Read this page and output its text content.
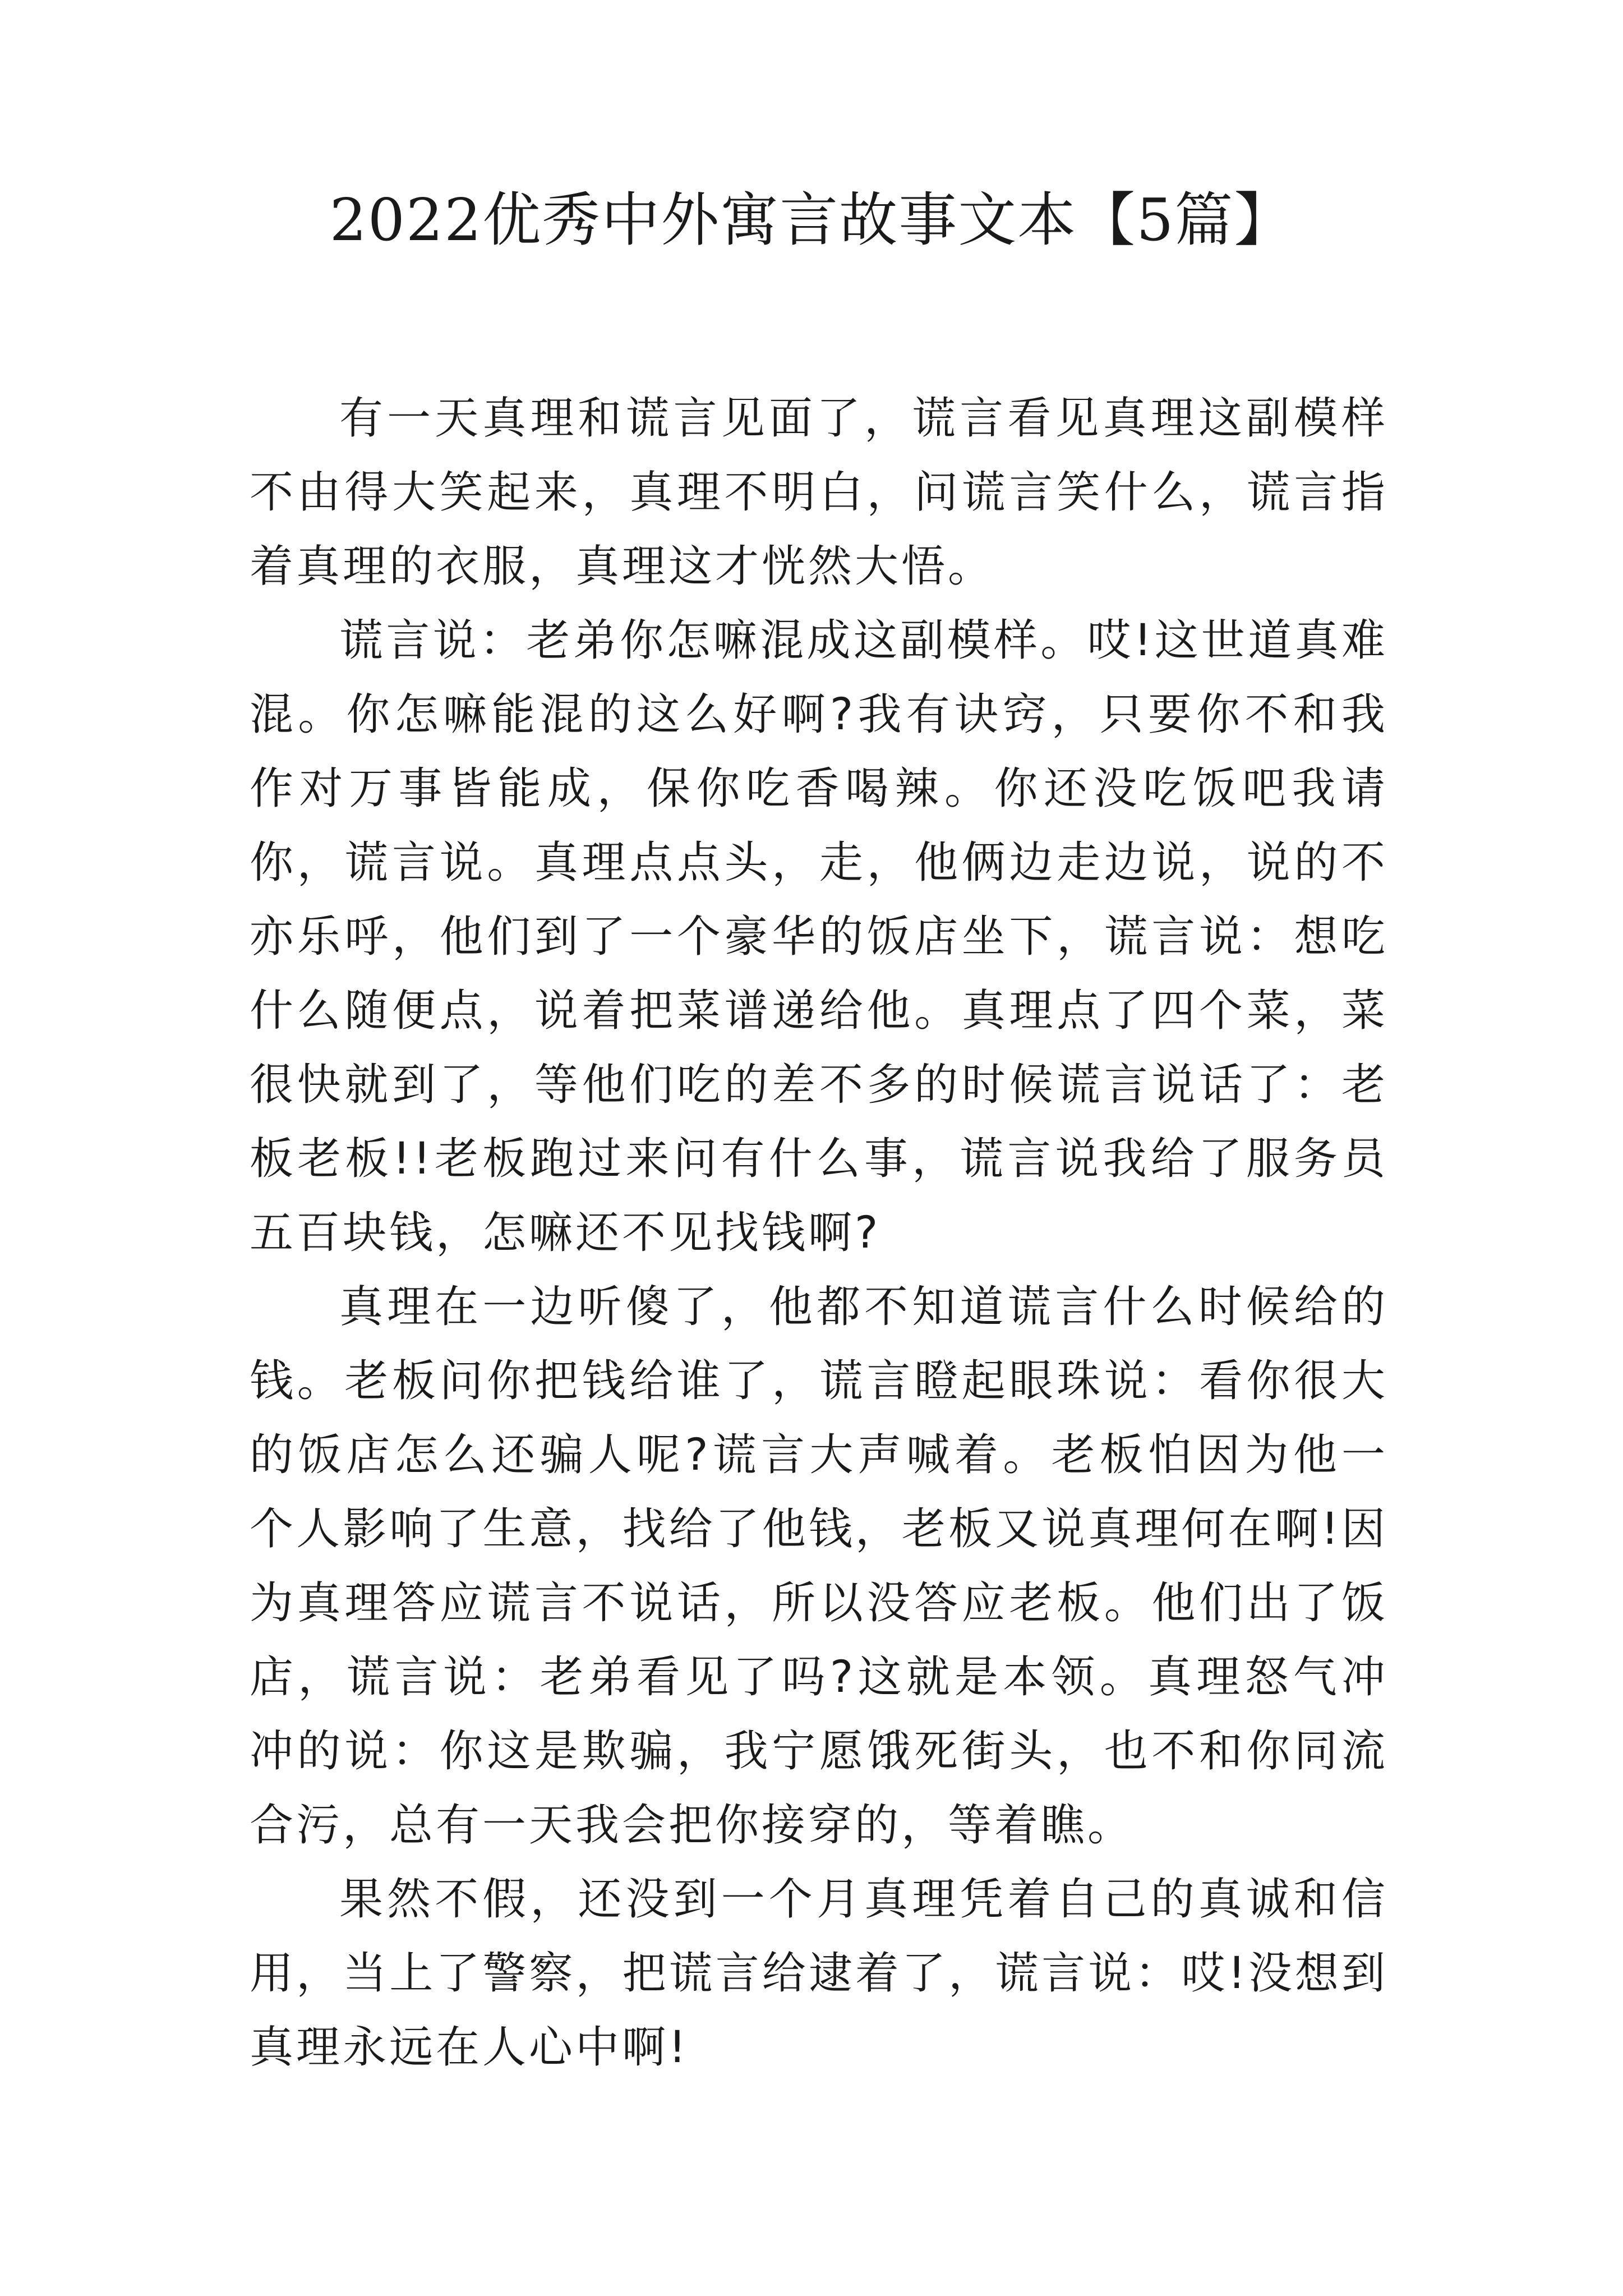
2022优秀中外寓言故事文本【5篇】

有一天真理和谎言见面了，谎言看见真理这副模样不由得大笑起来，真理不明白，问谎言笑什么，谎言指着真理的衣服，真理这才恍然大悟。

谎言说：老弟你怎嘛混成这副模样。哎!这世道真难混。你怎嘛能混的这么好啊?我有诀窍，只要你不和我作对万事皆能成，保你吃香喝辣。你还没吃饭吧我请你，谎言说。真理点点头，走，他俩边走边说，说的不亦乐呼，他们到了一个豪华的饭店坐下，谎言说：想吃什么随便点，说着把菜谱递给他。真理点了四个菜，菜很快就到了，等他们吃的差不多的时候谎言说话了：老板老板!!老板跑过来问有什么事，谎言说我给了服务员五百块钱，怎嘛还不见找钱啊?

真理在一边听傻了，他都不知道谎言什么时候给的钱。老板问你把钱给谁了，谎言瞪起眼珠说：看你很大的饭店怎么还骗人呢?谎言大声喊着。老板怕因为他一个人影响了生意，找给了他钱，老板又说真理何在啊!因为真理答应谎言不说话，所以没答应老板。他们出了饭店，谎言说：老弟看见了吗?这就是本领。真理怒气冲冲的说：你这是欺骗，我宁愿饿死街头，也不和你同流合污，总有一天我会把你接穿的，等着瞧。

果然不假，还没到一个月真理凭着自己的真诚和信用，当上了警察，把谎言给逮着了，谎言说：哎!没想到真理永远在人心中啊!
